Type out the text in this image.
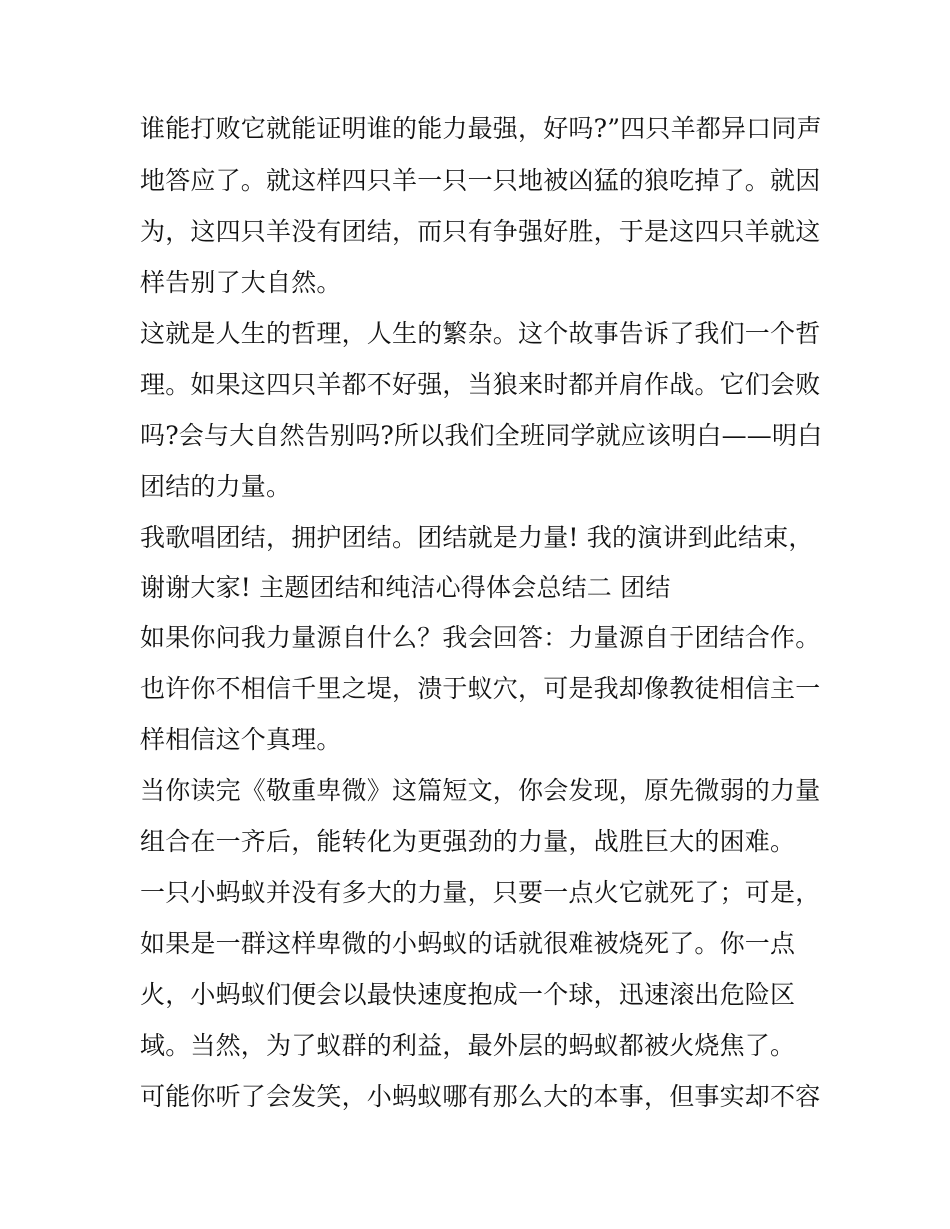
谁能打败它就能证明谁的能力最强，好吗?”四只羊都异口同声
地答应了。就这样四只羊一只一只地被凶猛的狼吃掉了。就因
为，这四只羊没有团结，而只有争强好胜，于是这四只羊就这
样告别了大自然。
这就是人生的哲理，人生的繁杂。这个故事告诉了我们一个哲
理。如果这四只羊都不好强，当狼来时都并肩作战。它们会败
吗?会与大自然告别吗?所以我们全班同学就应该明白——明白
团结的力量。
我歌唱团结，拥护团结。团结就是力量! 我的演讲到此结束，
谢谢大家! 主题团结和纯洁心得体会总结二 团结
如果你问我力量源自什么？我会回答：力量源自于团结合作。
也许你不相信千里之堤，溃于蚁穴，可是我却像教徒相信主一
样相信这个真理。
当你读完《敬重卑微》这篇短文，你会发现，原先微弱的力量
组合在一齐后，能转化为更强劲的力量，战胜巨大的困难。
一只小蚂蚁并没有多大的力量，只要一点火它就死了；可是，
如果是一群这样卑微的小蚂蚁的话就很难被烧死了。你一点
火，小蚂蚁们便会以最快速度抱成一个球，迅速滚出危险区
域。当然，为了蚁群的利益，最外层的蚂蚁都被火烧焦了。
可能你听了会发笑，小蚂蚁哪有那么大的本事，但事实却不容
